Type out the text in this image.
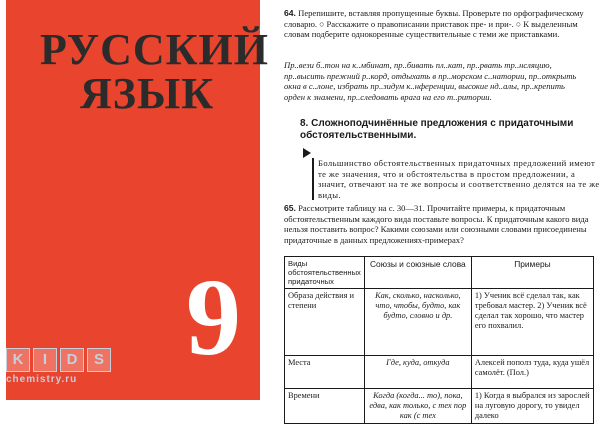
РУССКИЙ
ЯЗЫК
9
K	I	D	S
chemistry.ru
64. Перепишите, вставляя пропущенные буквы. Проверьте по орфографическому словарю. ○ Расскажите о правописании приставок пре- и при-. ○ К выделенным словам подберите однокоренные существительные с теми же приставками.
Пр..вези б..тон на к..мбинат, пр..бивать пл..кат, пр..рвать тр..нсляцию, пр..высить прежний р..корд, отдыхать в пр..морском с..натории, пр..открыть окна в с..лоне, избрать пр..зидум к..нференции, высокие нд..алы, пр..крепить орден к знамени, пр..следовать врага на его т..ритории.
8. Сложноподчинённые предложения с придаточными обстоятельственными.
Большинство обстоятельственных придаточных предложений имеют те же значения, что и обстоятельства в простом предложении, а значит, отвечают на те же вопросы и соответственно делятся на те же виды.
65. Рассмотрите таблицу на с. 30—31. Прочитайте примеры, к придаточным обстоятельственным каждого вида поставьте вопросы. К придаточным какого вида нельзя поставить вопрос? Какими союзами или союзными словами присоединены придаточные в данных предложениях-примерах?
Виды обстоятельственных придаточных	Союзы и союзные слова	Примеры
Образа действия и степени	Как, сколько, насколько, что, чтобы, будто, как будто, словно и др.	1) Ученик всё сделал так, как требовал мастер. 2) Ученик всё сделал так хорошо, что мастер его похвалил.
Места	Где, куда, откуда	Алексей пополз туда, куда ушёл самолёт. (Пол.)
Времени	Когда (когда... то), пока, едва, как только, с тех пор как (с тех	1) Когда я выбрался из зарослей на луговую дорогу, то увидел далеко
